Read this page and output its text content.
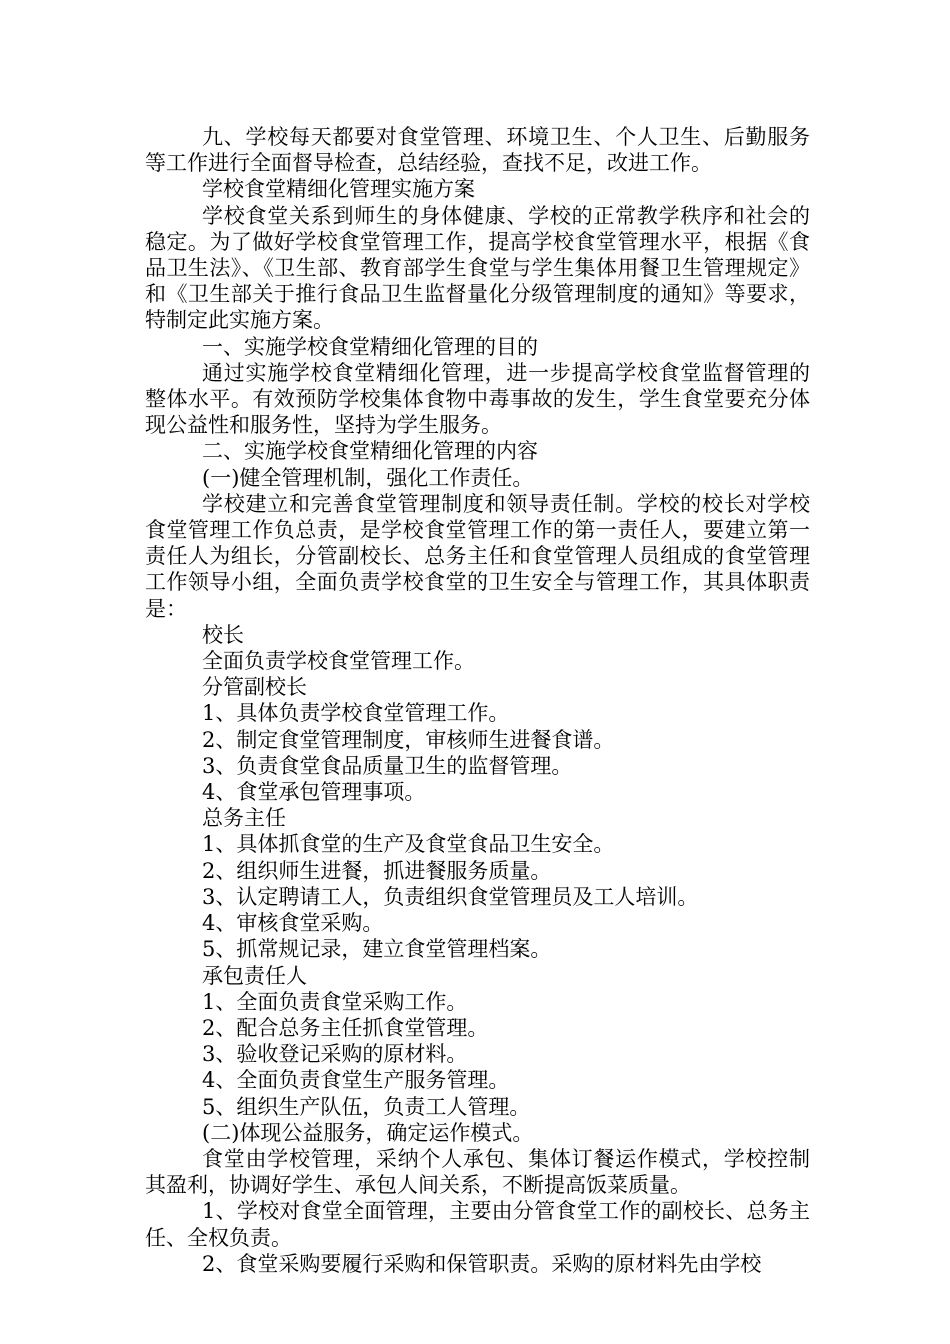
九、学校每天都要对食堂管理、环境卫生、个人卫生、后勤服务等工作进行全面督导检查，总结经验，查找不足，改进工作。

学校食堂精细化管理实施方案

学校食堂关系到师生的身体健康、学校的正常教学秩序和社会的稳定。为了做好学校食堂管理工作，提高学校食堂管理水平，根据《食品卫生法》、《卫生部、教育部学生食堂与学生集体用餐卫生管理规定》和《卫生部关于推行食品卫生监督量化分级管理制度的通知》等要求，特制定此实施方案。

一、实施学校食堂精细化管理的目的

通过实施学校食堂精细化管理，进一步提高学校食堂监督管理的整体水平。有效预防学校集体食物中毒事故的发生，学生食堂要充分体现公益性和服务性，坚持为学生服务。

二、实施学校食堂精细化管理的内容

(一)健全管理机制，强化工作责任。

学校建立和完善食堂管理制度和领导责任制。学校的校长对学校食堂管理工作负总责，是学校食堂管理工作的第一责任人，要建立第一责任人为组长，分管副校长、总务主任和食堂管理人员组成的食堂管理工作领导小组，全面负责学校食堂的卫生安全与管理工作，其具体职责是：

校长

全面负责学校食堂管理工作。

分管副校长

1、具体负责学校食堂管理工作。

2、制定食堂管理制度，审核师生进餐食谱。

3、负责食堂食品质量卫生的监督管理。

4、食堂承包管理事项。

总务主任

1、具体抓食堂的生产及食堂食品卫生安全。

2、组织师生进餐，抓进餐服务质量。

3、认定聘请工人，负责组织食堂管理员及工人培训。

4、审核食堂采购。

5、抓常规记录，建立食堂管理档案。

承包责任人

1、全面负责食堂采购工作。

2、配合总务主任抓食堂管理。

3、验收登记采购的原材料。

4、全面负责食堂生产服务管理。

5、组织生产队伍，负责工人管理。

(二)体现公益服务，确定运作模式。

食堂由学校管理，采纳个人承包、集体订餐运作模式，学校控制其盈利，协调好学生、承包人间关系，不断提高饭菜质量。

1、学校对食堂全面管理，主要由分管食堂工作的副校长、总务主任、全权负责。

2、食堂采购要履行采购和保管职责。采购的原材料先由学校
